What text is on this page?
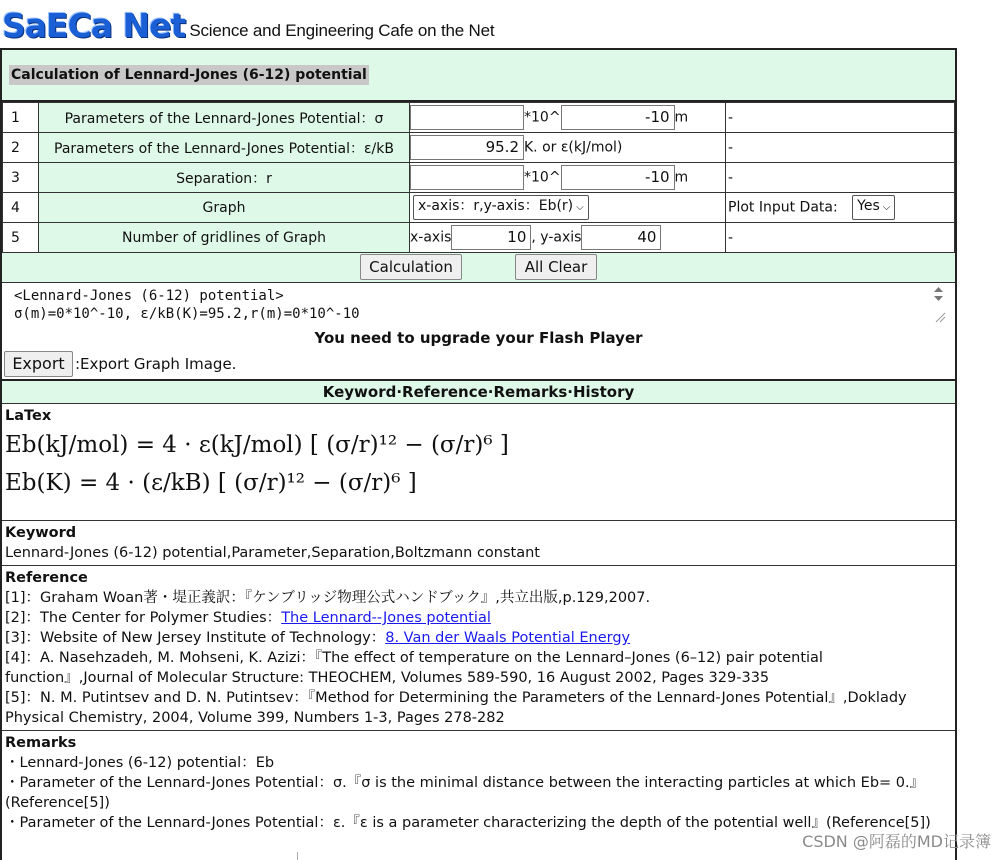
SaECa Net Science and Engineering Cafe on the Net
Calculation of Lennard-Jones (6-12) potential
1	Parameters of the Lennard-Jones Potential：σ	*10^ -10 m	-
2	Parameters of the Lennard-Jones Potential：ε/kB	95.2 K. or ε(kJ/mol)	-
3	Separation：r	*10^ -10 m	-
4	Graph	x-axis：r,y-axis：Eb(r) ⌵	Plot Input Data: Yes ⌵
5	Number of gridlines of Graph	x-axis 10 , y-axis 40	-
Calculation	All Clear
<Lennard-Jones (6-12) potential>
σ(m)=0*10^-10, ε/kB(K)=95.2,r(m)=0*10^-10
You need to upgrade your Flash Player
Export :Export Graph Image.
Keyword·Reference·Remarks·History
LaTex
Eb(kJ/mol) = 4 · ε(kJ/mol) [ (σ/r)¹² − (σ/r)⁶ ]
Eb(K) = 4 · (ε/kB) [ (σ/r)¹² − (σ/r)⁶ ]
Keyword
Lennard-Jones (6-12) potential,Parameter,Separation,Boltzmann constant
Reference
[1]：Graham Woan著・堤正義訳：『ケンブリッジ物理公式ハンドブック』,共立出版,p.129,2007.
[2]：The Center for Polymer Studies：The Lennard--Jones potential
[3]：Website of New Jersey Institute of Technology：8. Van der Waals Potential Energy
[4]：A. Nasehzadeh, M. Mohseni, K. Azizi：『The effect of temperature on the Lennard–Jones (6–12) pair potential
function』,Journal of Molecular Structure: THEOCHEM, Volumes 589-590, 16 August 2002, Pages 329-335
[5]：N. M. Putintsev and D. N. Putintsev：『Method for Determining the Parameters of the Lennard-Jones Potential』,Doklady
Physical Chemistry, 2004, Volume 399, Numbers 1-3, Pages 278-282
Remarks
・Lennard-Jones (6-12) potential：Eb
・Parameter of the Lennard-Jones Potential：σ.『σ is the minimal distance between the interacting particles at which Eb= 0.』
(Reference[5])
・Parameter of the Lennard-Jones Potential：ε.『ε is a parameter characterizing the depth of the potential well』(Reference[5])
CSDN @阿磊的MD记录簿
